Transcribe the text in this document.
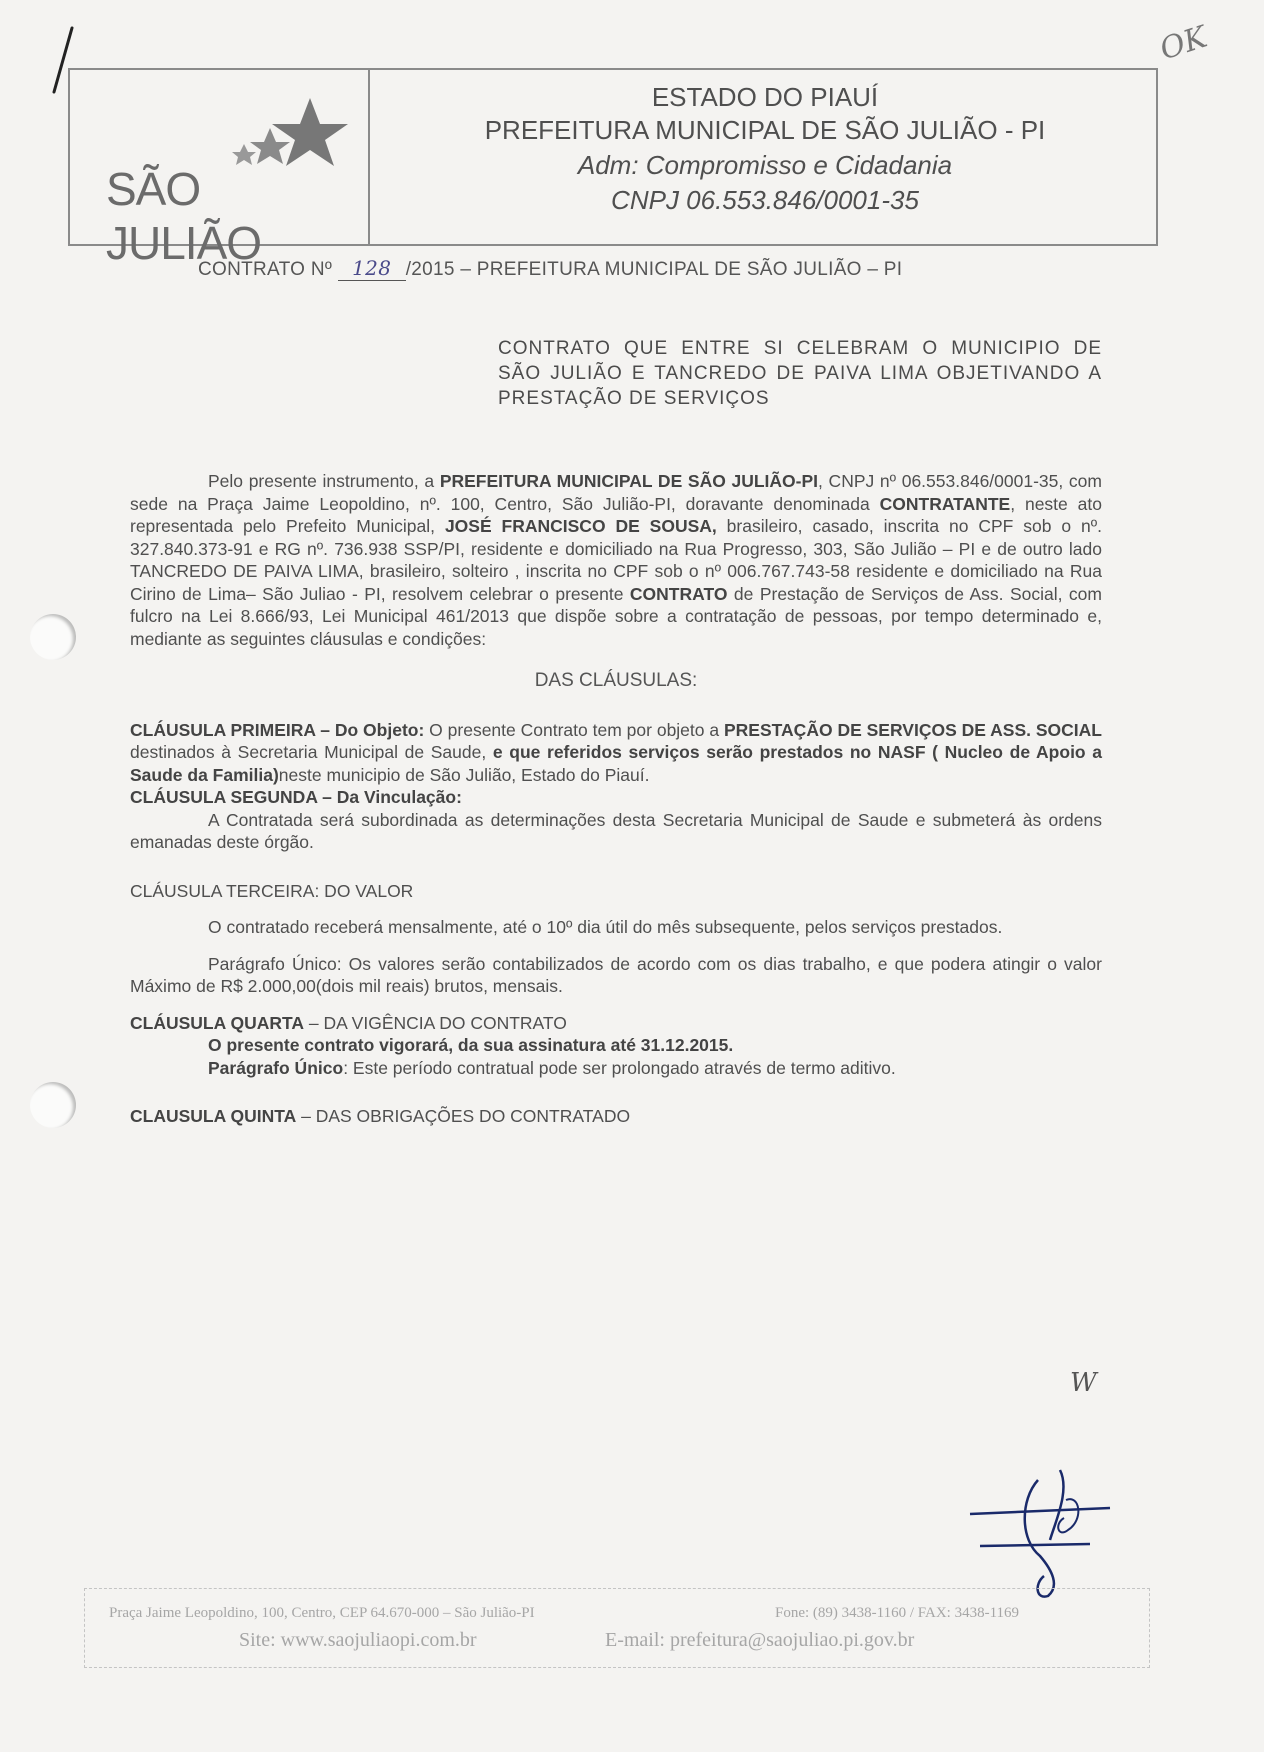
OK
SÃO JULIÃO
ESTADO DO PIAUÍ
PREFEITURA MUNICIPAL DE SÃO JULIÃO - PI
Adm: Compromisso e Cidadania
CNPJ 06.553.846/0001-35
CONTRATO Nº 128 /2015 – PREFEITURA MUNICIPAL DE SÃO JULIÃO – PI
CONTRATO QUE ENTRE SI CELEBRAM O MUNICIPIO DE SÃO JULIÃO E TANCREDO DE PAIVA LIMA OBJETIVANDO A PRESTAÇÃO DE SERVIÇOS

Pelo presente instrumento, a PREFEITURA MUNICIPAL DE SÃO JULIÃO-PI, CNPJ nº 06.553.846/0001-35, com sede na Praça Jaime Leopoldino, nº. 100, Centro, São Julião-PI, doravante denominada CONTRATANTE, neste ato representada pelo Prefeito Municipal, JOSÉ FRANCISCO DE SOUSA, brasileiro, casado, inscrita no CPF sob o nº. 327.840.373-91 e RG nº. 736.938 SSP/PI, residente e domiciliado na Rua Progresso, 303, São Julião – PI e de outro lado TANCREDO DE PAIVA LIMA, brasileiro, solteiro , inscrita no CPF sob o nº 006.767.743-58 residente e domiciliado na Rua Cirino de Lima– São Juliao - PI, resolvem celebrar o presente CONTRATO de Prestação de Serviços de Ass. Social, com fulcro na Lei 8.666/93, Lei Municipal 461/2013 que dispõe sobre a contratação de pessoas, por tempo determinado e, mediante as seguintes cláusulas e condições:

DAS CLÁUSULAS:

CLÁUSULA PRIMEIRA – Do Objeto: O presente Contrato tem por objeto a PRESTAÇÃO DE SERVIÇOS DE ASS. SOCIAL destinados à Secretaria Municipal de Saude, e que referidos serviços serão prestados no NASF ( Nucleo de Apoio a Saude da Familia)neste municipio de São Julião, Estado do Piauí.

CLÁUSULA SEGUNDA – Da Vinculação:

A Contratada será subordinada as determinações desta Secretaria Municipal de Saude e submeterá às ordens emanadas deste órgão.

CLÁUSULA TERCEIRA: DO VALOR

O contratado receberá mensalmente, até o 10º dia útil do mês subsequente, pelos serviços prestados.

Parágrafo Único: Os valores serão contabilizados de acordo com os dias trabalho, e que podera atingir o valor Máximo de R$ 2.000,00(dois mil reais) brutos, mensais.

CLÁUSULA QUARTA – DA VIGÊNCIA DO CONTRATO

O presente contrato vigorará, da sua assinatura até 31.12.2015.

Parágrafo Único: Este período contratual pode ser prolongado através de termo aditivo.

CLAUSULA QUINTA – DAS OBRIGAÇÕES DO CONTRATADO

W
Praça Jaime Leopoldino, 100, Centro, CEP 64.670-000 – São Julião-PI	Fone: (89) 3438-1160 / FAX: 3438-1169
Site: www.saojuliaopi.com.br	E-mail: prefeitura@saojuliao.pi.gov.br
